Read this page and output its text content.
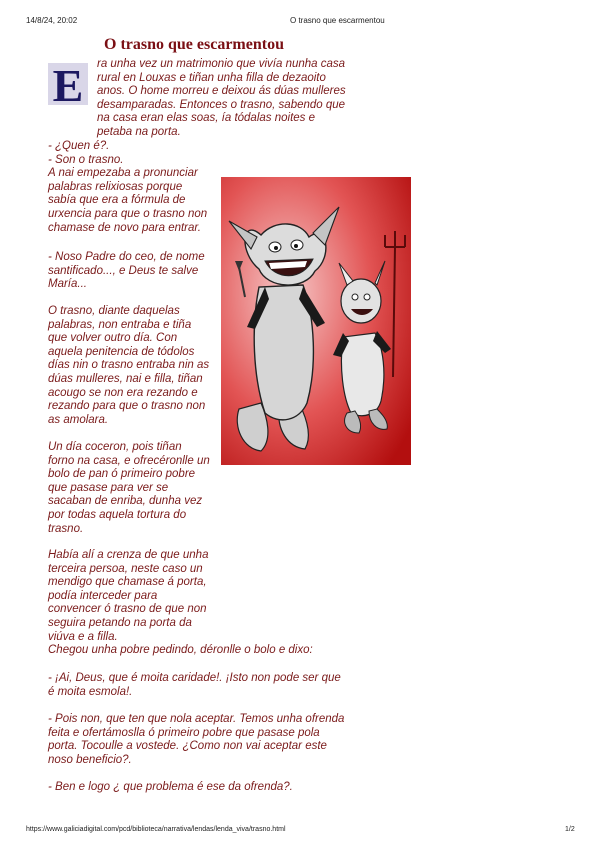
14/8/24, 20:02	O trasno que escarmentou
O trasno que escarmentou
E ra unha vez un matrimonio que vivía nunha casa
rural en Louxas e tiñan unha filla de dezaoito
anos. O home morreu e deixou ás dúas mulleres
desamparadas. Entonces o trasno, sabendo que
na casa eran elas soas, ía tódalas noites e
petaba na porta.
- ¿Quen é?.
- Son o trasno.
A nai empezaba a pronunciar
palabras relixiosas porque
sabía que era a fórmula de
urxencia para que o trasno non
chamase de novo para entrar.
- Noso Padre do ceo, de nome
santificado..., e Deus te salve
María...
O trasno, diante daquelas
palabras, non entraba e tiña
que volver outro día. Con
aquela penitencia de tódolos
días nin o trasno entraba nin as
dúas mulleres, nai e filla, tiñan
acougo se non era rezando e
rezando para que o trasno non
as amolara.
Un día coceron, pois tiñan
forno na casa, e ofrecéronlle un
bolo de pan ó primeiro pobre
que pasase para ver se
sacaban de enriba, dunha vez
por todas aquela tortura do
trasno.
Había alí a crenza de que unha
terceira persoa, neste caso un
mendigo que chamase á porta,
podía interceder para
convencer ó trasno de que non
seguira petando na porta da
viúva e a filla.
Chegou unha pobre pedindo, déronlle o bolo e dixo:
- ¡Ai, Deus, que é moita caridade!. ¡Isto non pode ser que
é moita esmola!.
- Pois non, que ten que nola aceptar. Temos unha ofrenda
feita e ofertámoslla ó primeiro pobre que pasase pola
porta. Tocoulle a vostede. ¿Como non vai aceptar este
noso beneficio?.
- Ben e logo ¿ que problema é ese da ofrenda?.
https://www.galiciadigital.com/pcd/biblioteca/narrativa/lendas/lenda_viva/trasno.html	1/2
